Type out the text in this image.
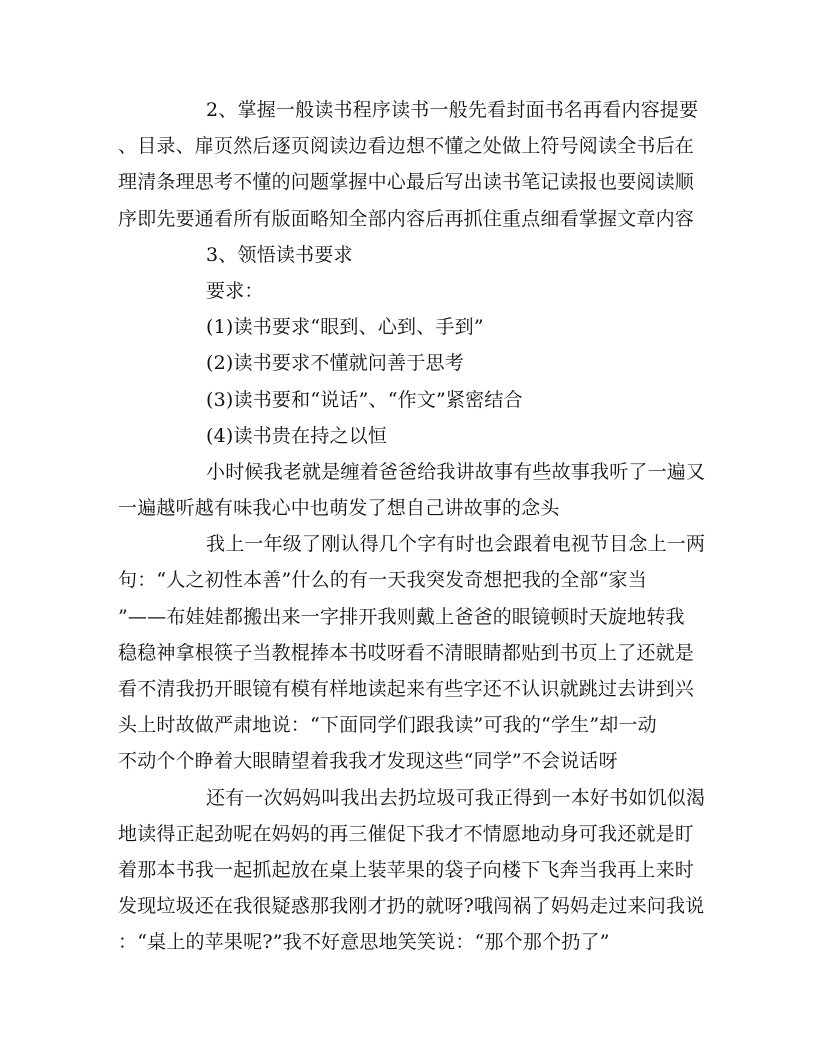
2、掌握一般读书程序读书一般先看封面书名再看内容提要
、目录、扉页然后逐页阅读边看边想不懂之处做上符号阅读全书后在
理清条理思考不懂的问题掌握中心最后写出读书笔记读报也要阅读顺
序即先要通看所有版面略知全部内容后再抓住重点细看掌握文章内容
3、领悟读书要求
要求：
(1)读书要求“眼到、心到、手到”
(2)读书要求不懂就问善于思考
(3)读书要和“说话”、“作文”紧密结合
(4)读书贵在持之以恒
小时候我老就是缠着爸爸给我讲故事有些故事我听了一遍又
一遍越听越有味我心中也萌发了想自己讲故事的念头
我上一年级了刚认得几个字有时也会跟着电视节目念上一两
句：“人之初性本善”什么的有一天我突发奇想把我的全部“家当
”——布娃娃都搬出来一字排开我则戴上爸爸的眼镜顿时天旋地转我
稳稳神拿根筷子当教棍捧本书哎呀看不清眼睛都贴到书页上了还就是
看不清我扔开眼镜有模有样地读起来有些字还不认识就跳过去讲到兴
头上时故做严肃地说：“下面同学们跟我读”可我的“学生”却一动
不动个个睁着大眼睛望着我我才发现这些“同学”不会说话呀
还有一次妈妈叫我出去扔垃圾可我正得到一本好书如饥似渴
地读得正起劲呢在妈妈的再三催促下我才不情愿地动身可我还就是盯
着那本书我一起抓起放在桌上装苹果的袋子向楼下飞奔当我再上来时
发现垃圾还在我很疑惑那我刚才扔的就呀?哦闯祸了妈妈走过来问我说
：“桌上的苹果呢?”我不好意思地笑笑说：“那个那个扔了”
